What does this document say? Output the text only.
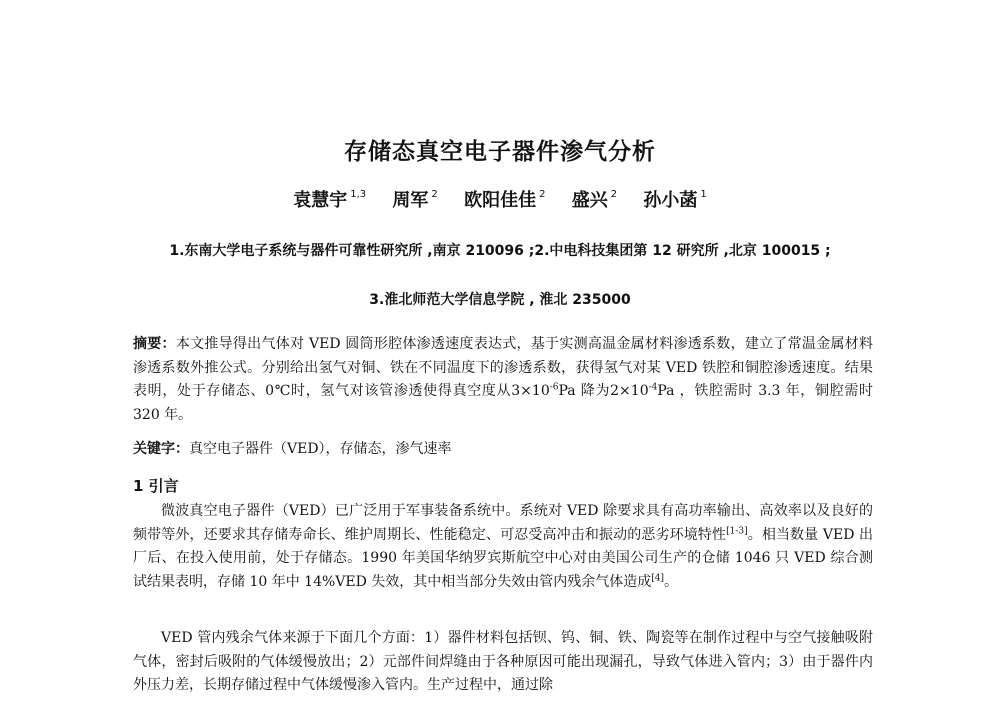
存储态真空电子器件渗气分析
袁慧宇 $^{1,3}$ 周军 $^2$ 欧阳佳佳 $^2$ 盛兴 $^2$ 孙小菡 $^1$
1.东南大学电子系统与器件可靠性研究所 ,南京 210096 ;2.中电科技集团第 12 研究所 ,北京 100015 ;
3.淮北师范大学信息学院 , 淮北 235000
摘要：本文推导得出气体对 VED 圆筒形腔体渗透速度表达式，基于实测高温金属材料渗透系数，建立了常温金属材料渗透系数外推公式。分别给出氢气对铜、铁在不同温度下的渗透系数，获得氢气对某 VED 铁腔和铜腔渗透速度。结果表明，处于存储态、0℃时，氢气对该管渗透使得真空度从$3\times 10^{-6}Pa$ 降为$2\times 10^{-4}Pa$ ，铁腔需时 3.3 年，铜腔需时 320 年。
关键字：真空电子器件（VED），存储态，渗气速率
1 引言
微波真空电子器件（VED）已广泛用于军事装备系统中。系统对 VED 除要求具有高功率输出、高效率以及良好的频带等外，还要求其存储寿命长、维护周期长、性能稳定、可忍受高冲击和振动的恶劣环境特性[1-3]。相当数量 VED 出厂后、在投入使用前，处于存储态。1990 年美国华纳罗宾斯航空中心对由美国公司生产的仓储 1046 只 VED 综合测试结果表明，存储 10 年中 14%VED 失效，其中相当部分失效由管内残余气体造成[4]。
VED 管内残余气体来源于下面几个方面：1）器件材料包括钡、钨、铜、铁、陶瓷等在制作过程中与空气接触吸附气体，密封后吸附的气体缓慢放出；2）元部件间焊缝由于各种原因可能出现漏孔，导致气体进入管内；3）由于器件内外压力差，长期存储过程中气体缓慢渗入管内。生产过程中，通过除
